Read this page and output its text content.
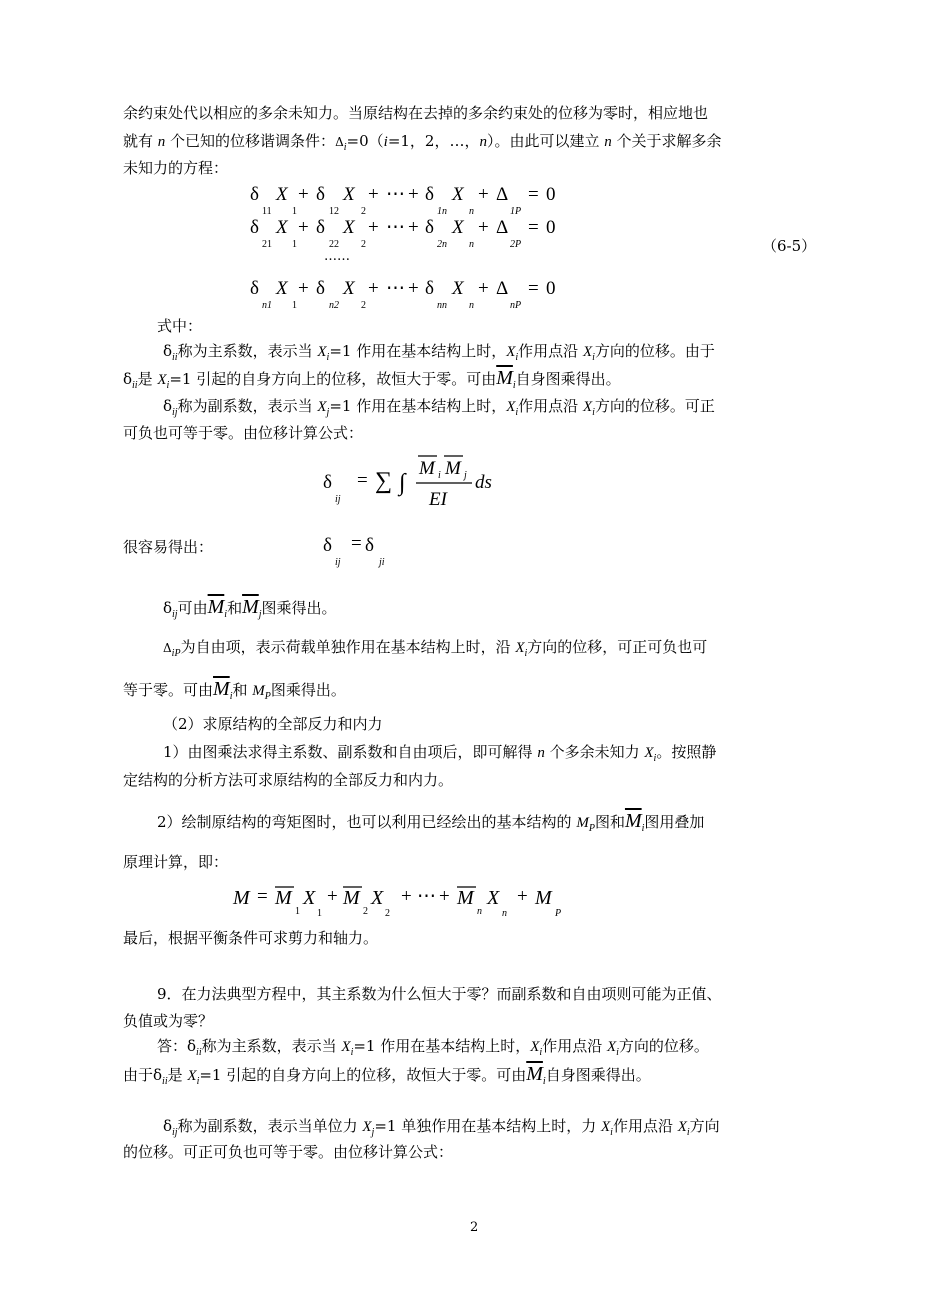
余约束处代以相应的多余未知力。当原结构在去掉的多余约束处的位移为零时，相应地也
就有 n 个已知的位移谐调条件：$\Delta_i=0(i=1$，2，…，n）。由此可以建立 n 个关于求解多余
未知力的方程：
δ X + δ X + ⋯ + δ X + Δ = 0
11 1	12 2	1n n	1P
δ X + δ X + ⋯ + δ X + Δ = 0
21 1	22 2	2n n	2P
……
δ X + δ X + ⋯ + δ X + Δ = 0
n1 1	n2 2	nn n	nP
（6-5）
式中：
$\delta_{ii}$称为主系数，表示当 $X_i=1$ 作用在基本结构上时，$X_i$作用点沿 $X_i$方向的位移。由于
$\delta_{ii}$是 $X_i=1$ 引起的自身方向上的位移，故恒大于零。可由$\overline{M}_i$自身图乘得出。
$\delta_{ij}$称为副系数，表示当 $X_j=1$ 作用在基本结构上时，$X_i$作用点沿 $X_i$方向的位移。可正
可负也可等于零。由位移计算公式：
δ
ij
= ∑ ∫
M i M j
EI
ds
很容易得出：	δ
ij
= δ
ji
$\delta_{ij}$可由$\overline{M}_i$和$\overline{M}_j$图乘得出。
$\Delta_{iP}$为自由项，表示荷载单独作用在基本结构上时，沿 $X_i$方向的位移，可正可负也可
等于零。可由$\overline{M}_i$和 $M_P$图乘得出。
（2）求原结构的全部反力和内力
1）由图乘法求得主系数、副系数和自由项后，即可解得 n 个多余未知力 $X_i$。按照静
定结构的分析方法可求原结构的全部反力和内力。
2）绘制原结构的弯矩图时，也可以利用已经绘出的基本结构的 $M_P$图和$\overline{M}_i$图用叠加
原理计算，即：
M = M
1
X
1
+ M
2
X
2
+ ⋯ + M
n
X
n
+ M
P
最后，根据平衡条件可求剪力和轴力。
9．在力法典型方程中，其主系数为什么恒大于零？而副系数和自由项则可能为正值、
负值或为零？
答：$\delta_{ii}$称为主系数，表示当 $X_i=1$ 作用在基本结构上时，$X_i$作用点沿 $X_i$方向的位移。
由于$\delta_{ii}$是 $X_i=1$ 引起的自身方向上的位移，故恒大于零。可由$\overline{M}_i$自身图乘得出。
$\delta_{ij}$称为副系数，表示当单位力 $X_j=1$ 单独作用在基本结构上时，力 $X_i$作用点沿 $X_i$方向
的位移。可正可负也可等于零。由位移计算公式：
2
